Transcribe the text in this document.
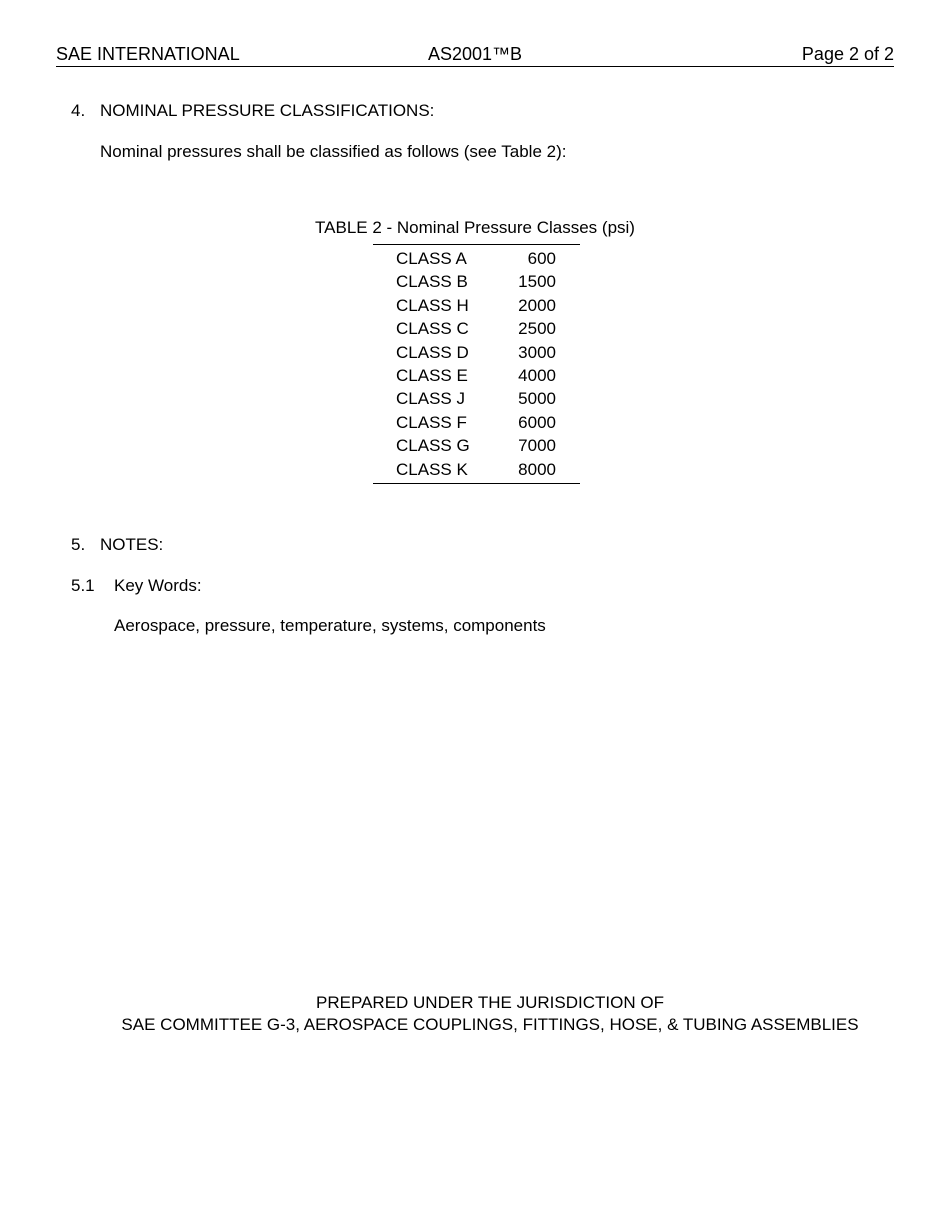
SAE INTERNATIONAL	AS2001™B	Page 2 of 2
4. NOMINAL PRESSURE CLASSIFICATIONS:
Nominal pressures shall be classified as follows (see Table 2):
TABLE 2 - Nominal Pressure Classes (psi)
CLASS A	600
CLASS B	1500
CLASS H	2000
CLASS C	2500
CLASS D	3000
CLASS E	4000
CLASS J	5000
CLASS F	6000
CLASS G	7000
CLASS K	8000
5. NOTES:
5.1 Key Words:
Aerospace, pressure, temperature, systems, components
PREPARED UNDER THE JURISDICTION OF
SAE COMMITTEE G-3, AEROSPACE COUPLINGS, FITTINGS, HOSE, & TUBING ASSEMBLIES
